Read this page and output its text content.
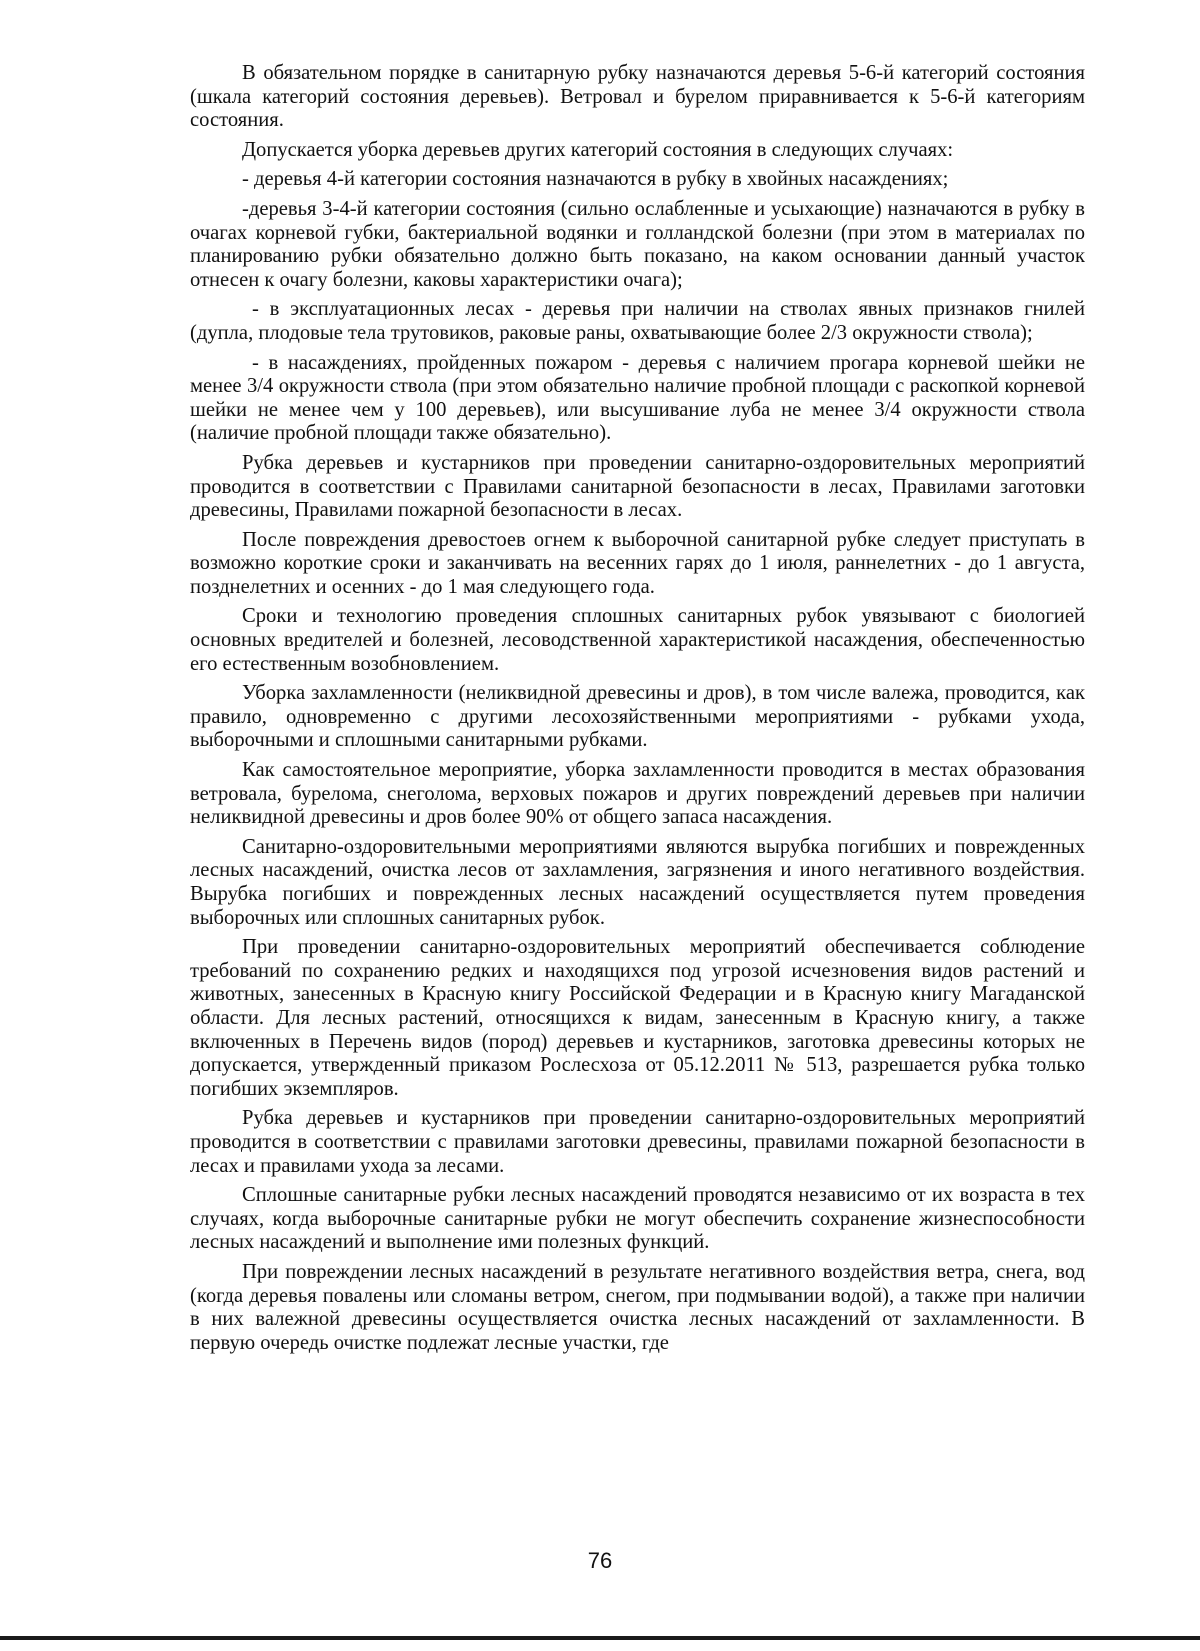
В обязательном порядке в санитарную рубку назначаются деревья 5-6-й категорий состояния (шкала категорий состояния деревьев). Ветровал и бурелом приравнивается к 5-6-й категориям состояния.

Допускается уборка деревьев других категорий состояния в следующих случаях:

- деревья 4-й категории состояния назначаются в рубку в хвойных насаждениях;

-деревья 3-4-й категории состояния (сильно ослабленные и усыхающие) назначаются в рубку в очагах корневой губки, бактериальной водянки и голландской болезни (при этом в материалах по планированию рубки обязательно должно быть показано, на каком основании данный участок отнесен к очагу болезни, каковы характеристики очага);

- в эксплуатационных лесах - деревья при наличии на стволах явных признаков гнилей (дупла, плодовые тела трутовиков, раковые раны, охватывающие более 2/3 окружности ствола);

- в насаждениях, пройденных пожаром - деревья с наличием прогара корневой шейки не менее 3/4 окружности ствола (при этом обязательно наличие пробной площади с раскопкой корневой шейки не менее чем у 100 деревьев), или высушивание луба не менее 3/4 окружности ствола (наличие пробной площади также обязательно).

Рубка деревьев и кустарников при проведении санитарно-оздоровительных мероприятий проводится в соответствии с Правилами санитарной безопасности в лесах, Правилами заготовки древесины, Правилами пожарной безопасности в лесах.

После повреждения древостоев огнем к выборочной санитарной рубке следует приступать в возможно короткие сроки и заканчивать на весенних гарях до 1 июля, раннелетних - до 1 августа, позднелетних и осенних - до 1 мая следующего года.

Сроки и технологию проведения сплошных санитарных рубок увязывают с биологией основных вредителей и болезней, лесоводственной характеристикой насаждения, обеспеченностью его естественным возобновлением.

Уборка захламленности (неликвидной древесины и дров), в том числе валежа, проводится, как правило, одновременно с другими лесохозяйственными мероприятиями - рубками ухода, выборочными и сплошными санитарными рубками.

Как самостоятельное мероприятие, уборка захламленности проводится в местах образования ветровала, бурелома, снеголома, верховых пожаров и других повреждений деревьев при наличии неликвидной древесины и дров более 90% от общего запаса насаждения.

Санитарно-оздоровительными мероприятиями являются вырубка погибших и поврежденных лесных насаждений, очистка лесов от захламления, загрязнения и иного негативного воздействия. Вырубка погибших и поврежденных лесных насаждений осуществляется путем проведения выборочных или сплошных санитарных рубок.

При проведении санитарно-оздоровительных мероприятий обеспечивается соблюдение требований по сохранению редких и находящихся под угрозой исчезновения видов растений и животных, занесенных в Красную книгу Российской Федерации и в Красную книгу Магаданской области. Для лесных растений, относящихся к видам, занесенным в Красную книгу, а также включенных в Перечень видов (пород) деревьев и кустарников, заготовка древесины которых не допускается, утвержденный приказом Рослесхоза от 05.12.2011 № 513, разрешается рубка только погибших экземпляров.

Рубка деревьев и кустарников при проведении санитарно-оздоровительных мероприятий проводится в соответствии с правилами заготовки древесины, правилами пожарной безопасности в лесах и правилами ухода за лесами.

Сплошные санитарные рубки лесных насаждений проводятся независимо от их возраста в тех случаях, когда выборочные санитарные рубки не могут обеспечить сохранение жизнеспособности лесных насаждений и выполнение ими полезных функций.

При повреждении лесных насаждений в результате негативного воздействия ветра, снега, вод (когда деревья повалены или сломаны ветром, снегом, при подмывании водой), а также при наличии в них валежной древесины осуществляется очистка лесных насаждений от захламленности. В первую очередь очистке подлежат лесные участки, где

76
